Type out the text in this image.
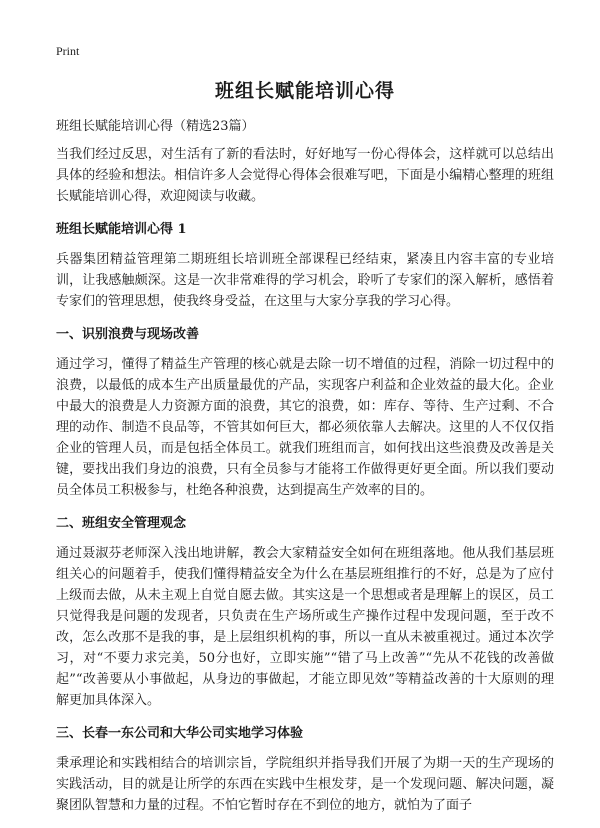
Print
班组长赋能培训心得
班组长赋能培训心得（精选23篇）

当我们经过反思，对生活有了新的看法时，好好地写一份心得体会，这样就可以总结出具体的经验和想法。相信许多人会觉得心得体会很难写吧，下面是小编精心整理的班组长赋能培训心得，欢迎阅读与收藏。

班组长赋能培训心得 1

兵器集团精益管理第二期班组长培训班全部课程已经结束，紧凑且内容丰富的专业培训，让我感触颇深。这是一次非常难得的学习机会，聆听了专家们的深入解析，感悟着专家们的管理思想，使我终身受益，在这里与大家分享我的学习心得。

一、识别浪费与现场改善

通过学习，懂得了精益生产管理的核心就是去除一切不增值的过程，消除一切过程中的浪费，以最低的成本生产出质量最优的产品，实现客户利益和企业效益的最大化。企业中最大的浪费是人力资源方面的浪费，其它的浪费，如：库存、等待、生产过剩、不合理的动作、制造不良品等，不管其如何巨大，都必须依靠人去解决。这里的人不仅仅指企业的管理人员，而是包括全体员工。就我们班组而言，如何找出这些浪费及改善是关键，要找出我们身边的浪费，只有全员参与才能将工作做得更好更全面。所以我们要动员全体员工积极参与，杜绝各种浪费，达到提高生产效率的目的。

二、班组安全管理观念

通过聂淑芬老师深入浅出地讲解，教会大家精益安全如何在班组落地。他从我们基层班组关心的问题着手，使我们懂得精益安全为什么在基层班组推行的不好，总是为了应付上级而去做，从未主观上自觉自愿去做。其实这是一个思想或者是理解上的误区，员工只觉得我是问题的发现者，只负责在生产场所或生产操作过程中发现问题，至于改不改，怎么改那不是我的事，是上层组织机构的事，所以一直从未被重视过。通过本次学习，对“不要力求完美，50分也好，立即实施”“错了马上改善”“先从不花钱的改善做起”“改善要从小事做起，从身边的事做起，才能立即见效”等精益改善的十大原则的理解更加具体深入。

三、长春一东公司和大华公司实地学习体验

秉承理论和实践相结合的培训宗旨，学院组织并指导我们开展了为期一天的生产现场的实践活动，目的就是让所学的东西在实践中生根发芽，是一个发现问题、解决问题，凝聚团队智慧和力量的过程。不怕它暂时存在不到位的地方，就怕为了面子
